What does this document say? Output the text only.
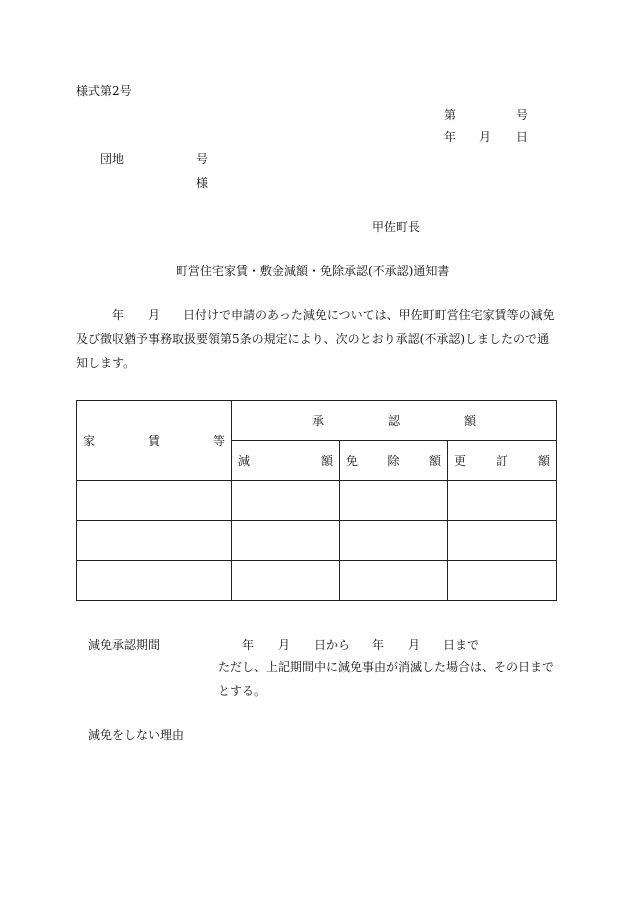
様式第2号
第	号
年 月 日
団地	号
様
甲佐町長
町営住宅家賃・敷金減額・免除承認(不承認)通知書
年 月 日付けで申請のあった減免については、甲佐町町営住宅家賃等の減免
及び徴収猶予事務取扱要領第5条の規定により、次のとおり承認(不承認)しましたので通
知します。
家 賃 等	承 認 額		

	減 額	免 除 額	更 訂 額

減免承認期間	年 月 日から 年 月 日まで
ただし、上記期間中に減免事由が消滅した場合は、その日まで
とする。
減免をしない理由
